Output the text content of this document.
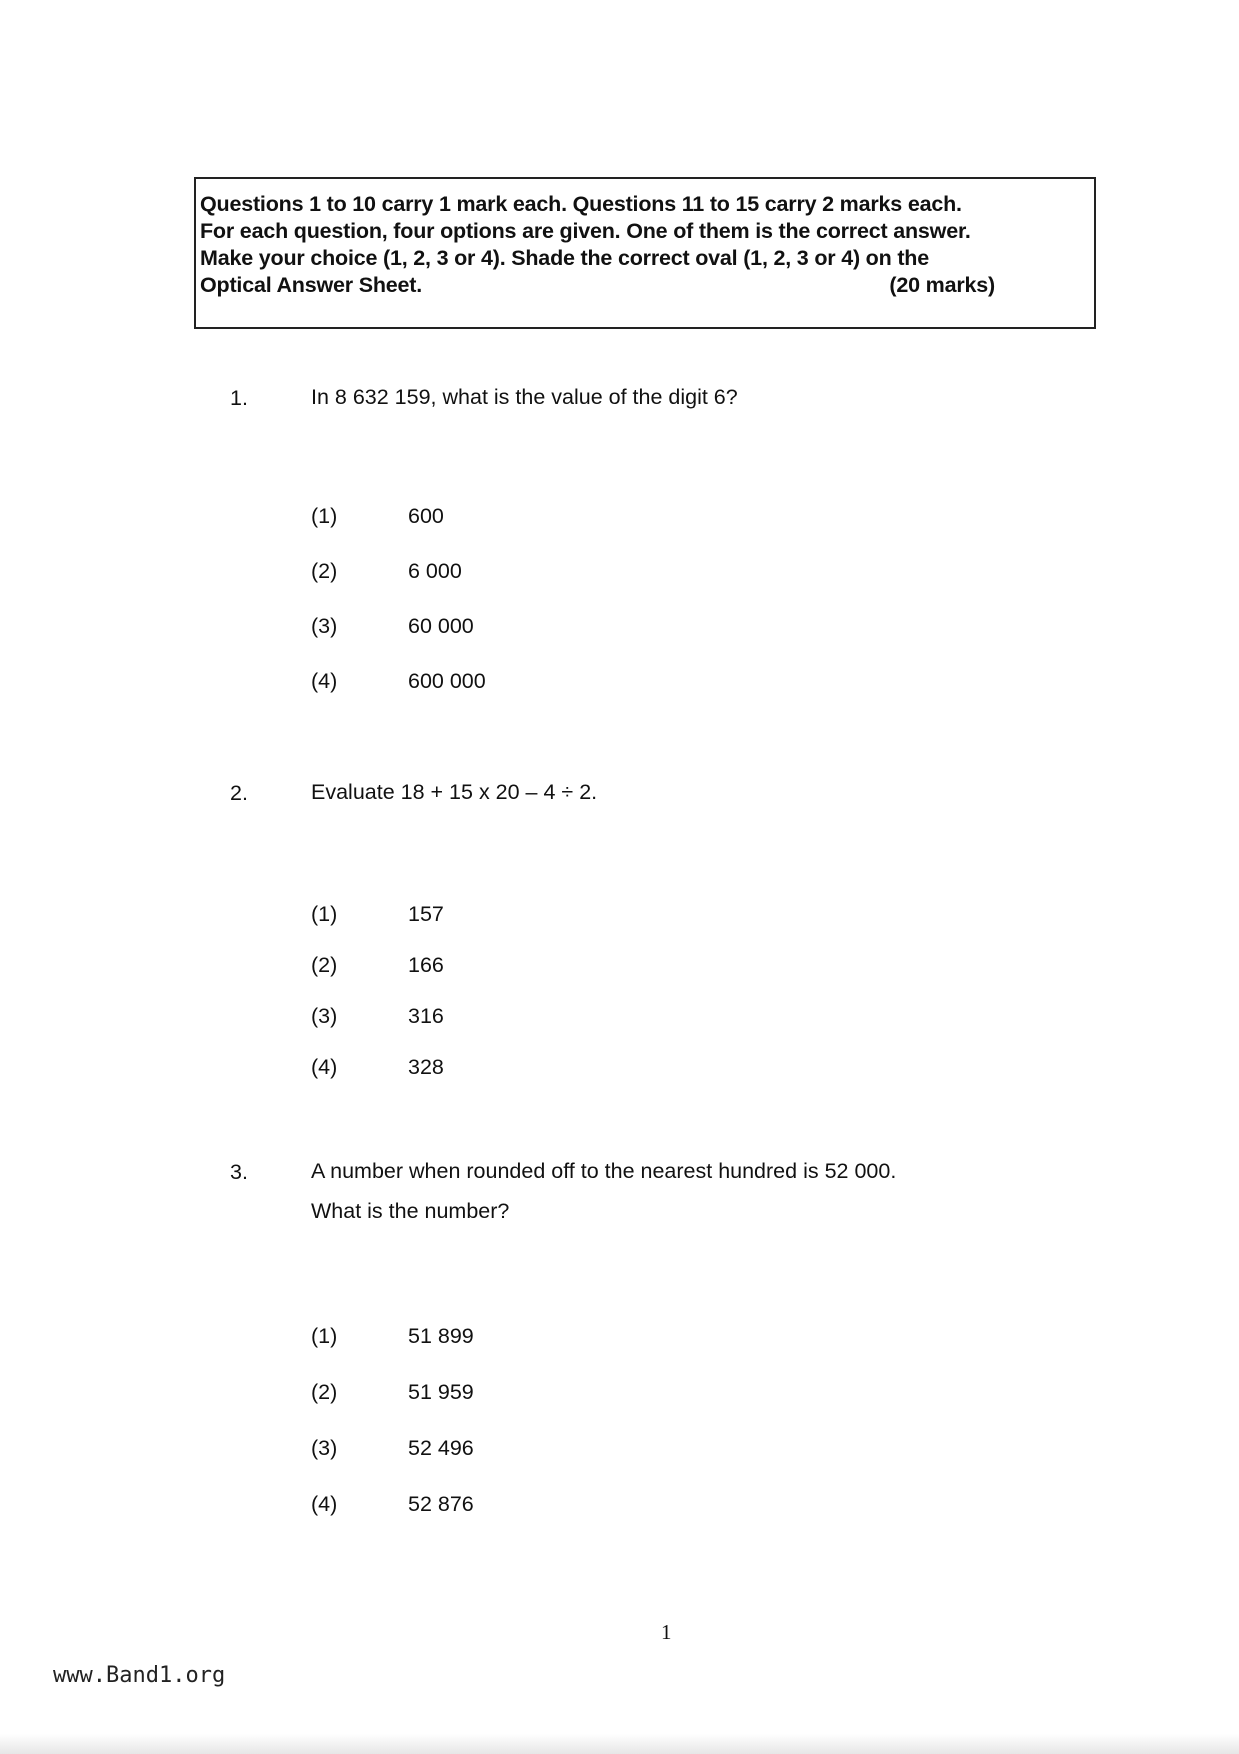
Questions 1 to 10 carry 1 mark each. Questions 11 to 15 carry 2 marks each.
For each question, four options are given. One of them is the correct answer.
Make your choice (1, 2, 3 or 4). Shade the correct oval (1, 2, 3 or 4) on the
Optical Answer Sheet.	(20 marks)
1.	In 8 632 159, what is the value of the digit 6?
(1)	600
(2)	6 000
(3)	60 000
(4)	600 000
2.	Evaluate 18 + 15 x 20 – 4 ÷ 2.
(1)	157
(2)	166
(3)	316
(4)	328
3.	A number when rounded off to the nearest hundred is 52 000.
What is the number?
(1)	51 899
(2)	51 959
(3)	52 496
(4)	52 876
1
www.Band1.org
